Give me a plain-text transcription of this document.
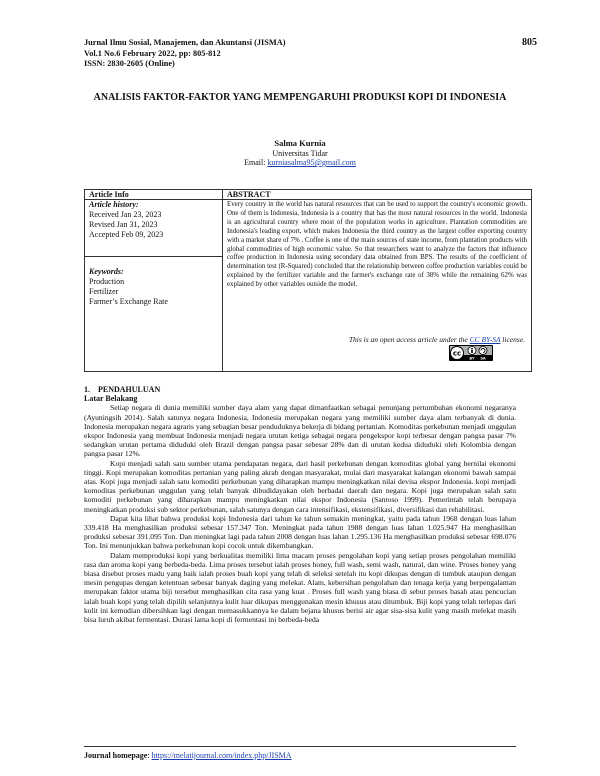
Jurnal Ilmu Sosial, Manajemen, dan Akuntansi (JISMA)
Vol.1 No.6 February 2022, pp: 805-812
ISSN: 2830-2605 (Online)
805
ANALISIS FAKTOR-FAKTOR YANG MEMPENGARUHI PRODUKSI KOPI DI INDONESIA
Salma Kurnia
Universitas Tidar
Email: kurniasalma95@gmail.com
Article Info	ABSTRACT
Article history:
Received Jan 23, 2023
Revised Jan 31, 2023
Accepted Feb 09, 2023
Keywords:
Production
Fertilizer
Farmer’s Exchange Rate
Every country in the world has natural resources that can be used to support the country's economic growth. One of them is Indonesia, Indonesia is a country that has the most natural resources in the world. Indonesia is an agricultural country where most of the population works in agriculture. Plantation commodities are Indonesia's leading export, which makes Indonesia the third country as the largest coffee exporting country with a market share of 7% . Coffee is one of the main sources of state income, from plantation products with global commodities of high economic value. So that researchers want to analyze the factors that influence coffee production in Indonesia using secondary data obtained from BPS. The results of the coefficient of determination test (R-Squared) concluded that the relationship between coffee production variables could be explained by the fertilizer variable and the farmer's exchange rate of 38% while the remaining 62% was explained by other variables outside the model.
This is an open access article under the CC BY-SA license.
cc
BY SA
1.    PENDAHULUAN
Latar Belakang

Setiap negara di dunia memiliki sumber daya alam yang dapat dimanfaatkan sebagai penunjang pertumbuhan ekonomi negaranya (Ayuningsih 2014). Salah satunya negara Indonesia, Indonesia merupakan negara yang memiliki sumber daya alam terbanyak di dunia. Indonesia merupakan negara agraris yang sebagian besar penduduknya bekerja di bidang pertanian. Komoditas perkebunan menjadi unggulan ekspor Indonesia yang membuat Indonesia menjadi negara urutan ketiga sebagai negara pengekspor kopi terbesar dengan pangsa pasar 7% sedangkan urutan pertama diduduki oleh Brazil dengan pangsa pasar sebesar 28% dan di urutan kedua diduduki oleh Kolombia dengan pangsa pasar 12%.

Kopi menjadi salah satu sumber utama pendapatan negara, dari hasil perkebunan dengan komoditas global yang bernilai ekonomi tinggi. Kopi merupakan komoditas pertanian yang paling akrab dengan masyarakat, mulai dari masyarakat kalangan ekonomi bawah sampai atas. Kopi juga menjadi salah satu komoditi perkebunan yang diharapkan mampu meningkatkan nilai devisa ekspor Indonesia. kopi menjadi komoditas perkebunan unggulan yang telah banyak dibudidayakan oleh berbadai daerah dan negara. Kopi juga merupakan salah satu komoditi perkebunan yang diharapkan mampu meningkatkan nilai ekspor Indonesia (Santoso 1999). Pemerintah telah berupaya meningkatkan produksi sub sektor perkebunan, salah satunya dengan cara intensifikasi, ekstensifikasi, diversifikasi dan rehabilitasi.

Dapat kita lihat bahwa produksi kopi Indonesia dari tahun ke tahun semakin meningkat, yaitu pada tahun 1968 dengan luas lahan 339.418 Ha menghasilkan produksi sebesar 157.347 Ton. Meningkat pada tahun 1988 dengan luas lahan 1.025.947 Ha menghasilkan produksi sebesar 391.095 Ton. Dan meningkat lagi pada tahun 2008 dengan luas lahan 1.295.136 Ha menghasilkan produksi sebesar 698.076 Ton. Ini menunjukkan bahwa perkebunan kopi cocok untuk dikembangkan.

Dalam memproduksi kopi yang berkualitas memiliki lima macam proses pengolahan kopi yang setiap proses pengolahan memiliki rasa dan aroma kopi yang berbeda-beda. Lima proses tersebut ialah proses honey, full wash, semi wash, natural, dan wine. Proses honey yang biasa disebut proses madu yang baik ialah proses buah kopi yang telah di seleksi setelah itu kopi dikupas dengan di tumbuk ataupun dengan mesin pengupas dengan ketentuan sebesar banyak daging yang melekat. Alam, kebersihan pengolahan dan tenaga kerja yang berpengalaman merupakan faktor utama biji tersebut menghasilkan cita rasa yang kuat . Proses full wash yang biasa di sebut proses basah atau pencucian ialah buah kopi yang telah dipilih selanjutnya kulit luar dikupas menggunakan mesin khusus atau ditumbuk. Biji kopi yang telah terlepas dari kulit ini kemudian dibersihkan lagi dengan memasukkannya ke dalam bejana khusus berisi air agar sisa-sisa kulit yang masih melekat masih bisa luruh akibat fermentasi. Durasi lama kopi di fermentasi ini berbeda-beda

Journal homepage: https://melatijournal.com/index.php/JISMA
